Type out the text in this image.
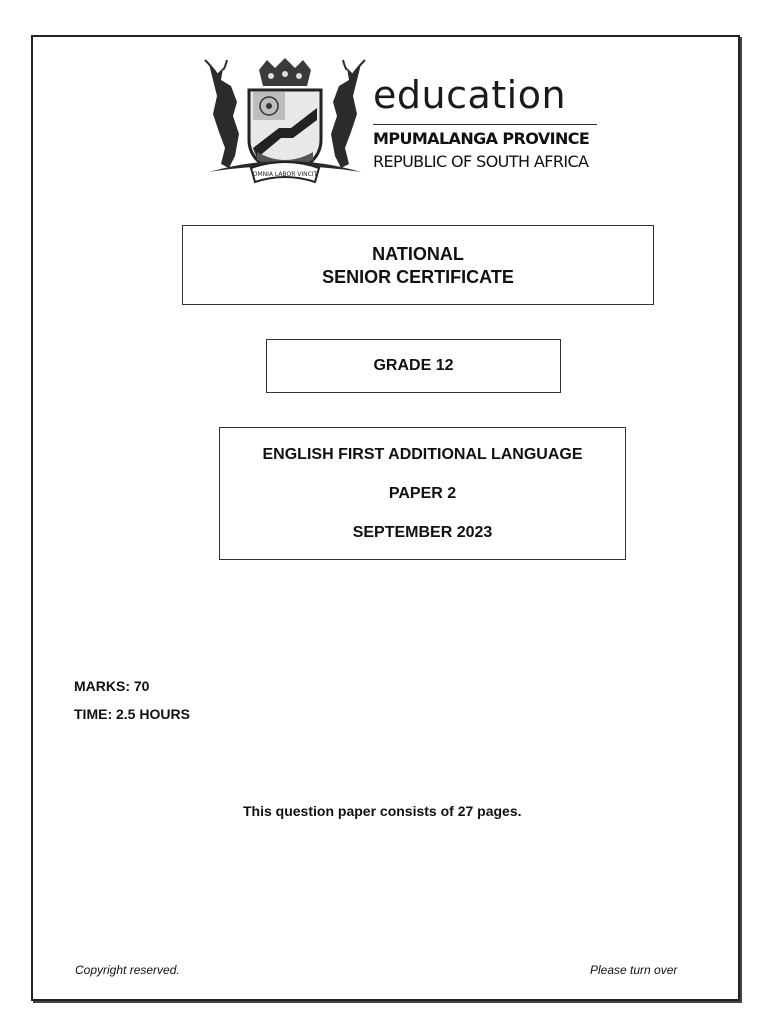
OMNIA LABOR VINCIT
education
MPUMALANGA PROVINCE
REPUBLIC OF SOUTH AFRICA
NATIONAL
SENIOR CERTIFICATE
GRADE 12
ENGLISH FIRST ADDITIONAL LANGUAGE
PAPER 2
SEPTEMBER 2023
MARKS: 70
TIME: 2.5 HOURS
This question paper consists of 27 pages.
Copyright reserved.	Please turn over
